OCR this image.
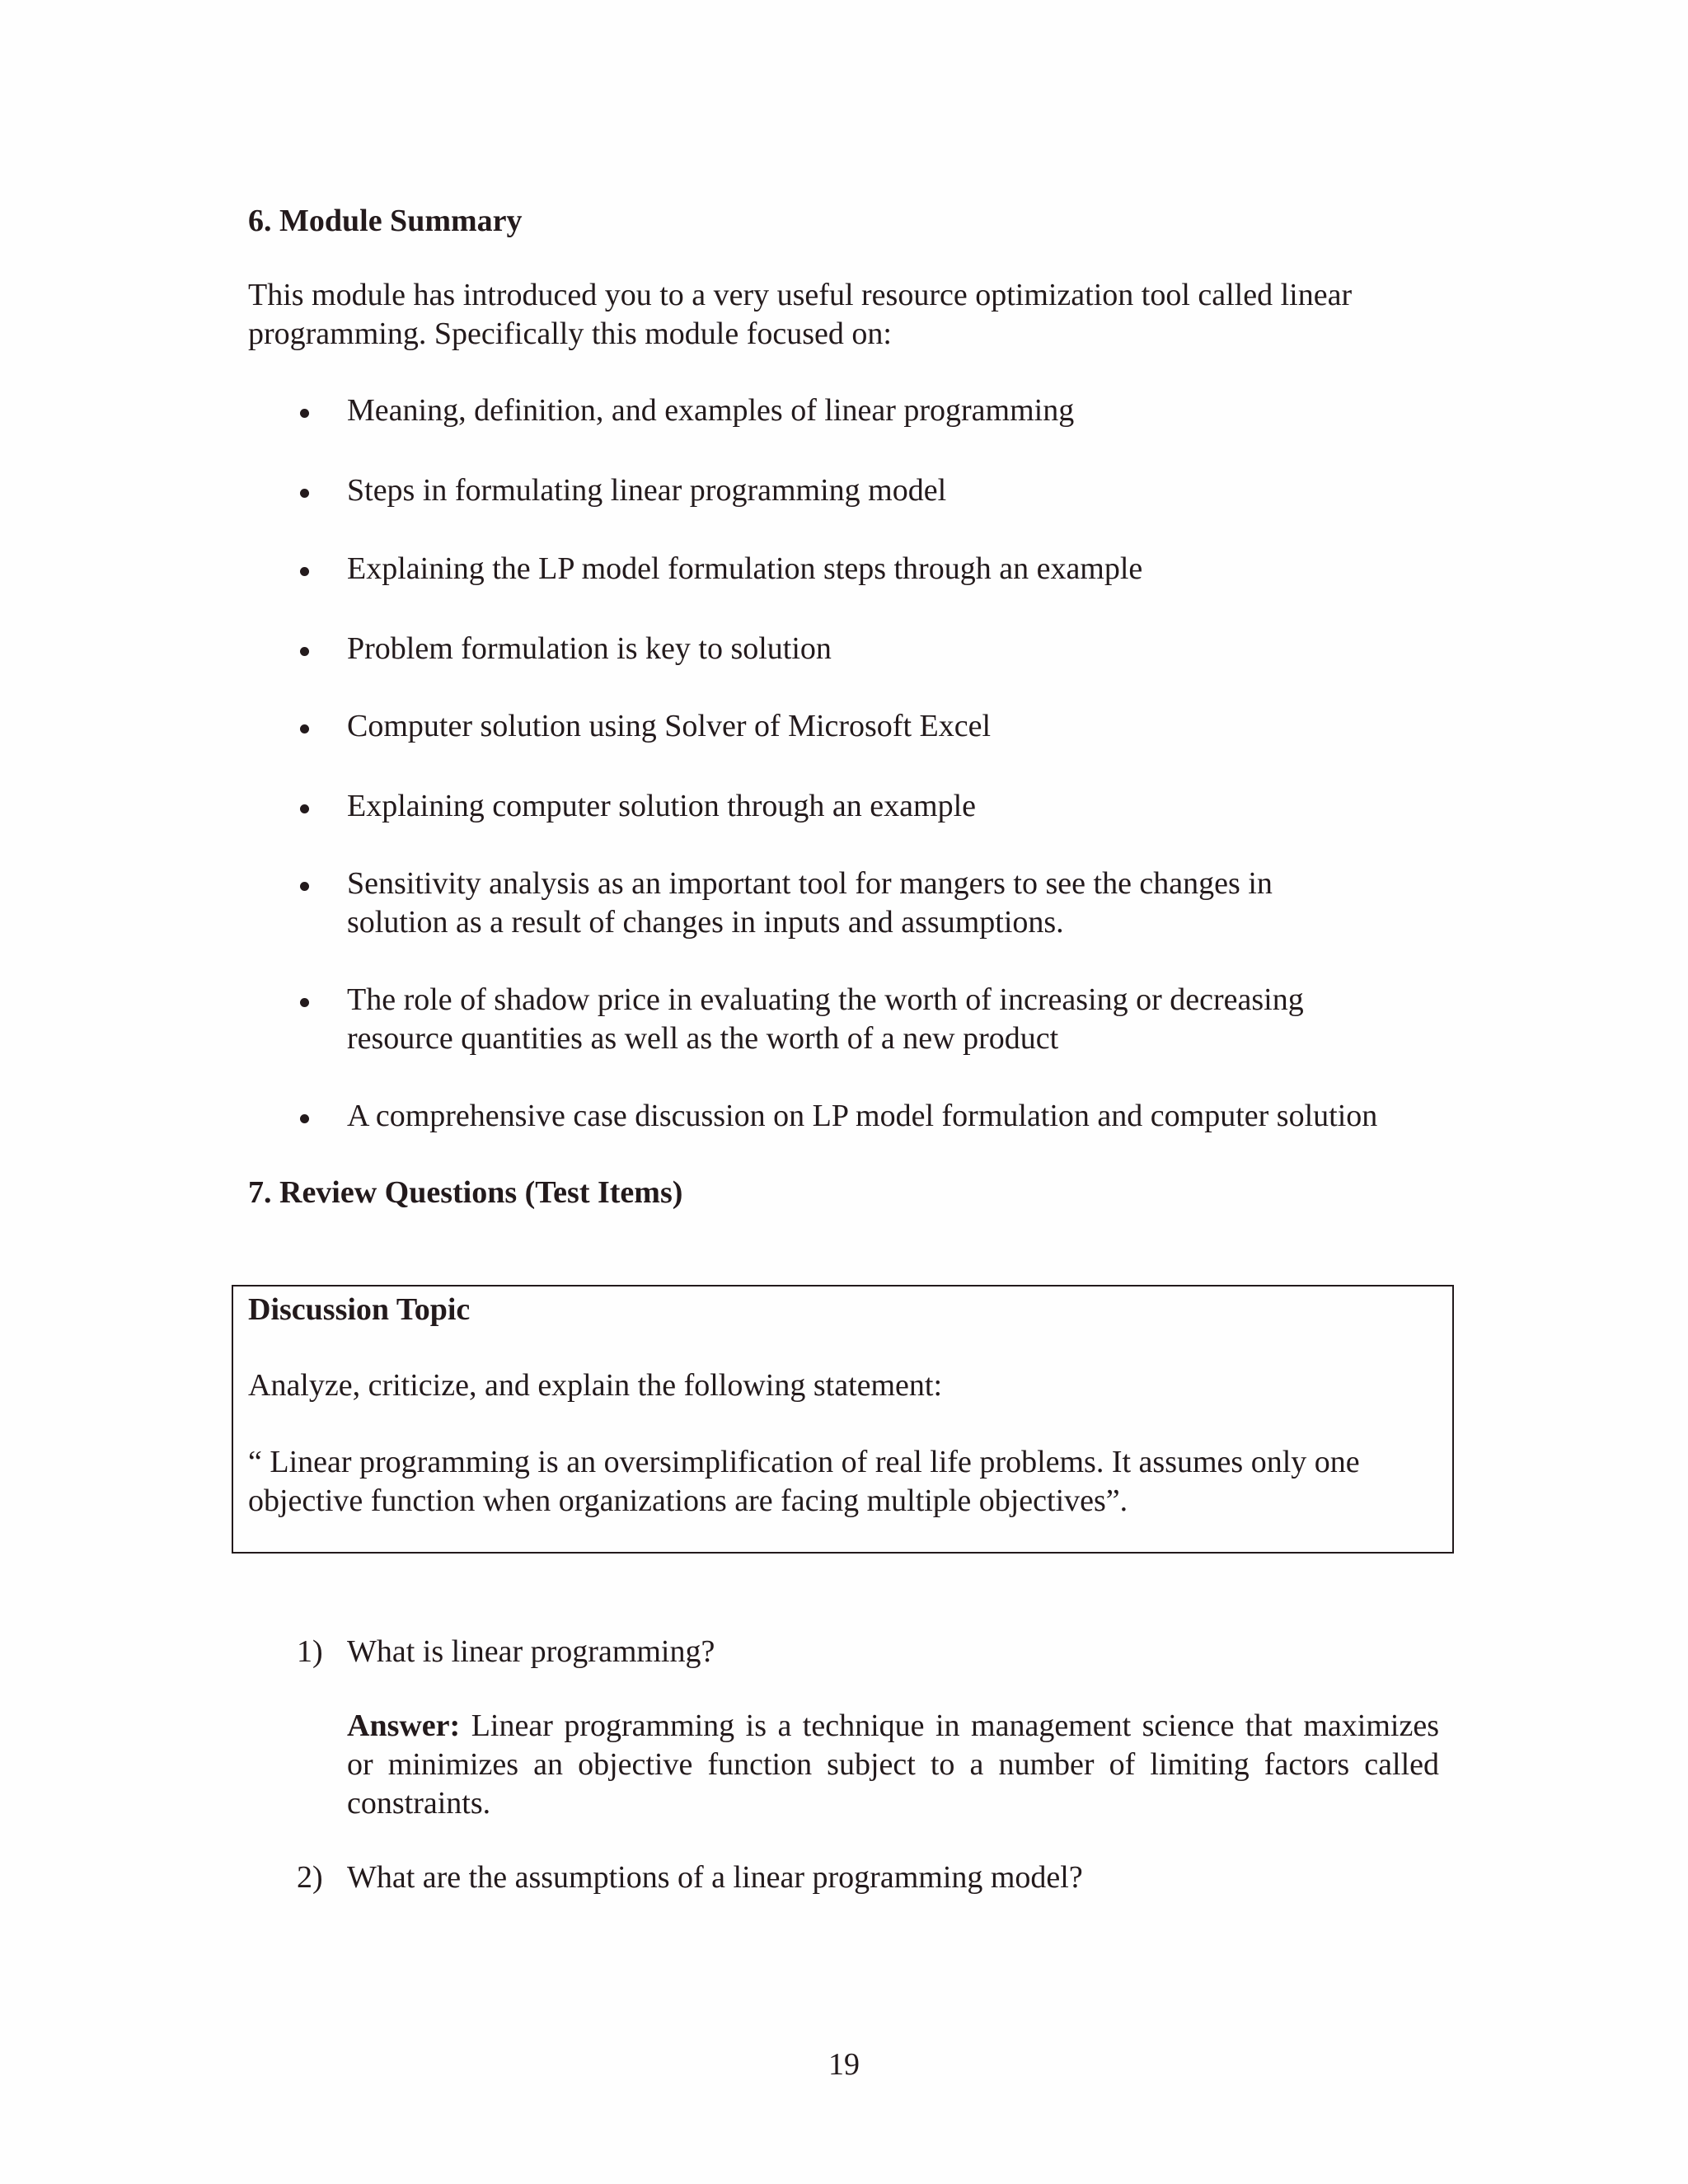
6. Module Summary

This module has introduced you to a very useful resource optimization tool called linear programming. Specifically this module focused on:

Meaning, definition, and examples of linear programming

Steps in formulating linear programming model

Explaining the LP model formulation steps through an example

Problem formulation is key to solution

Computer solution using Solver of Microsoft Excel

Explaining computer solution through an example

Sensitivity analysis as an important tool for mangers to see the changes in solution as a result of changes in inputs and assumptions.

The role of shadow price in evaluating the worth of increasing or decreasing resource quantities as well as the worth of a new product

A comprehensive case discussion on LP model formulation and computer solution

7. Review Questions (Test Items)

Discussion Topic

Analyze, criticize, and explain the following statement:

“ Linear programming is an oversimplification of real life problems. It assumes only one objective function when organizations are facing multiple objectives”.

1) What is linear programming?

Answer: Linear programming is a technique in management science that maximizes or minimizes an objective function subject to a number of limiting factors called constraints.

2) What are the assumptions of a linear programming model?

19
